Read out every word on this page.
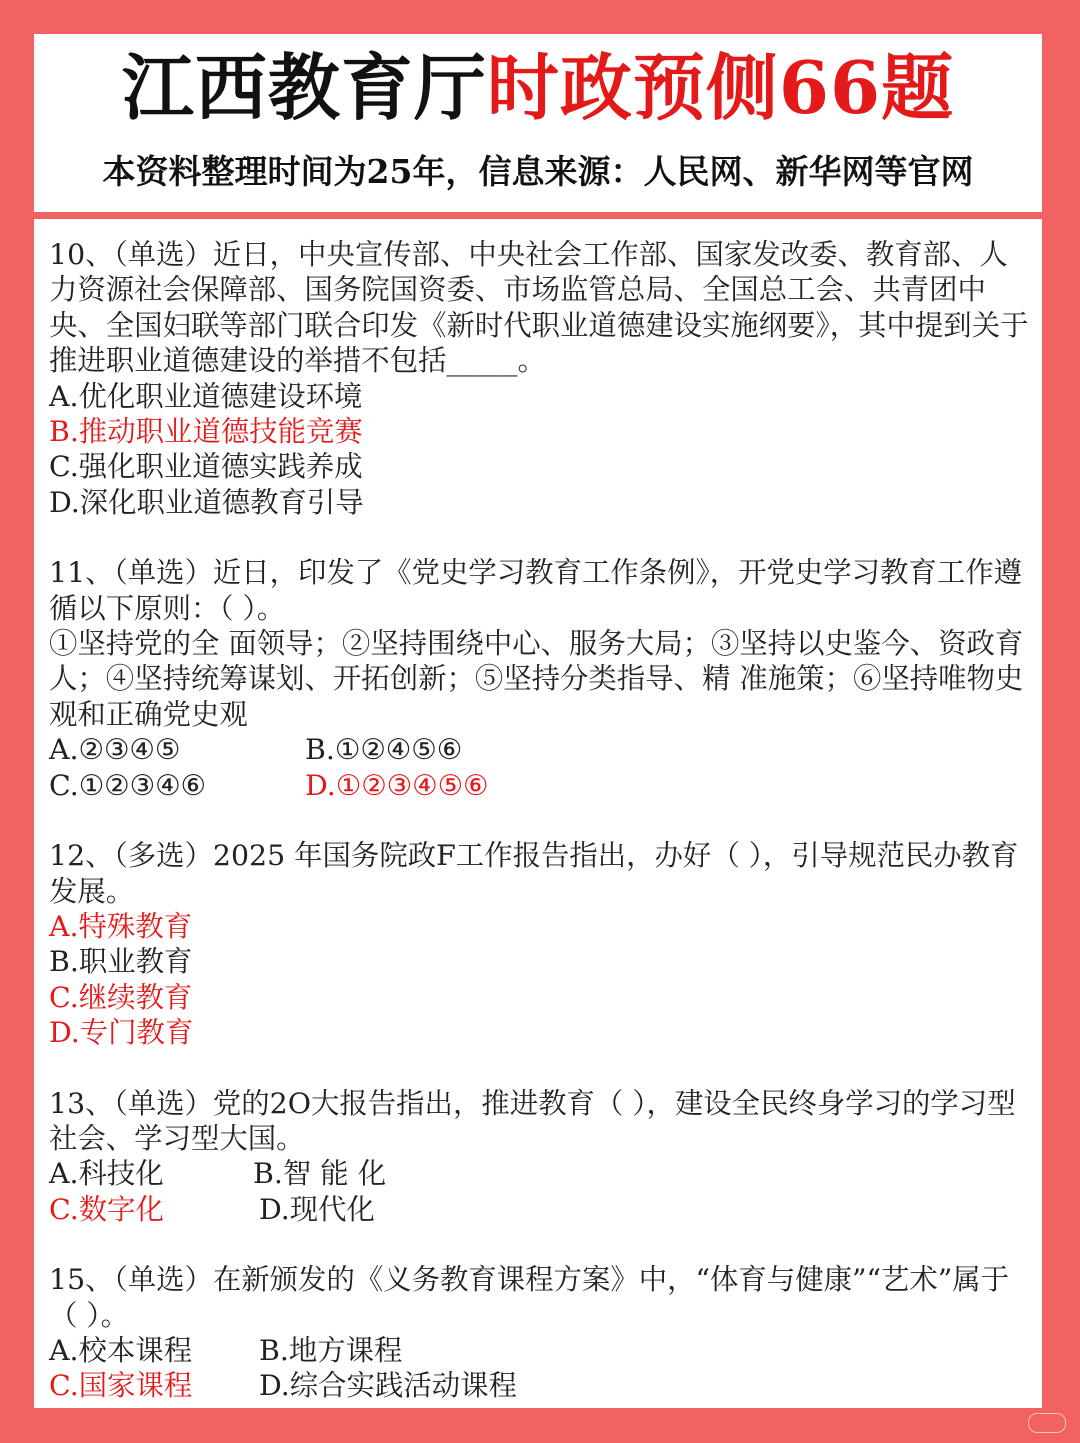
江西教育厅时政预侧66题
本资料整理时间为25年，信息来源：人民网、新华网等官网

10、（单选）近日，中央宣传部、中央社会工作部、国家发改委、教育部、人力资源社会保障部、国务院国资委、市场监管总局、全国总工会、共青团中央、全国妇联等部门联合印发《新时代职业道德建设实施纲要》，其中提到关于推进职业道德建设的举措不包括_____。

A.优化职业道德建设环境

B.推动职业道德技能竞赛

C.强化职业道德实践养成

D.深化职业道德教育引导

11、（单选）近日，印发了《党史学习教育工作条例》，开党史学习教育工作遵循以下原则：（ ）。

①坚持党的全 面领导；②坚持围绕中心、服务大局；③坚持以史鉴今、资政育人；④坚持统筹谋划、开拓创新；⑤坚持分类指导、精 准施策；⑥坚持唯物史观和正确党史观

A.②③④⑤	B.①②④⑤⑥
C.①②③④⑥	D.①②③④⑤⑥

12、（多选）2025 年国务院政F工作报告指出，办好（ ），引导规范民办教育发展。

A.特殊教育

B.职业教育

C.继续教育

D.专门教育

13、（单选）党的2O大报告指出，推进教育（ ），建设全民终身学习的学习型社会、学习型大国。

A.科技化	B.智 能 化
C.数字化	D.现代化

15、（单选）在新颁发的《义务教育课程方案》中，“体育与健康”“艺术”属于（ ）。

A.校本课程	B.地方课程
C.国家课程	D.综合实践活动课程
